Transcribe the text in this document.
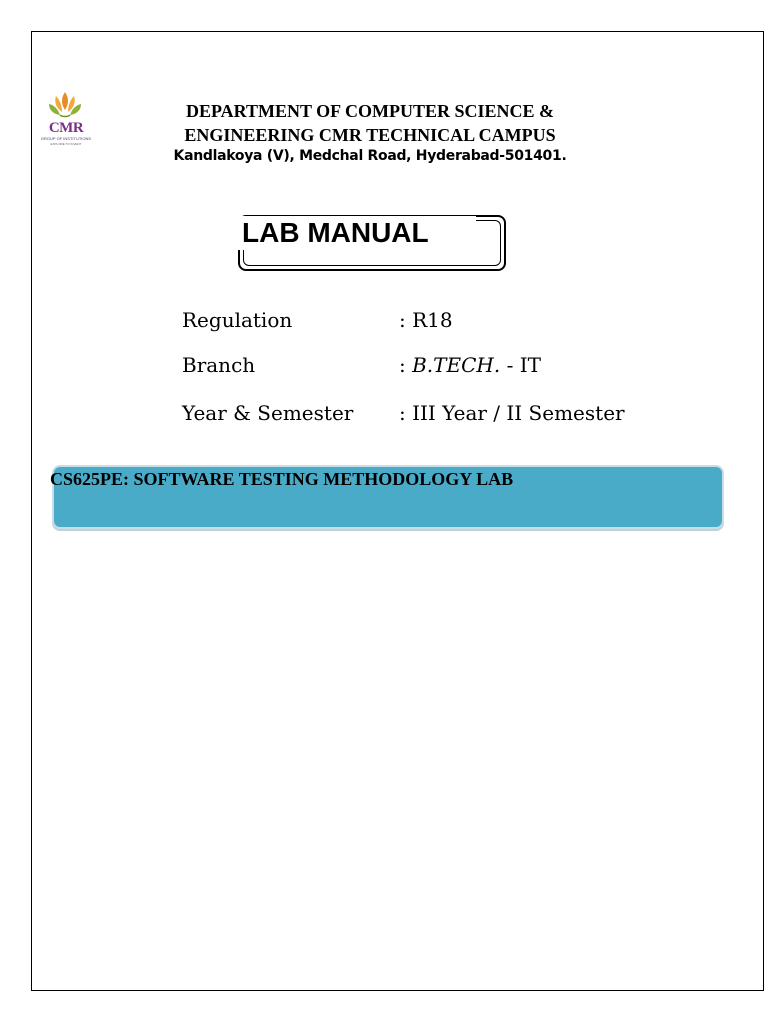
CMR
GROUP OF INSTITUTIONS
EXPLORE TO INVENT
DEPARTMENT OF COMPUTER SCIENCE &
ENGINEERING CMR TECHNICAL CAMPUS
Kandlakoya (V), Medchal Road, Hyderabad-501401.
LAB MANUAL
Regulation	: R18
Branch	: B.TECH. - IT
Year & Semester : III Year / II Semester
CS625PE: SOFTWARE TESTING METHODOLOGY LAB
